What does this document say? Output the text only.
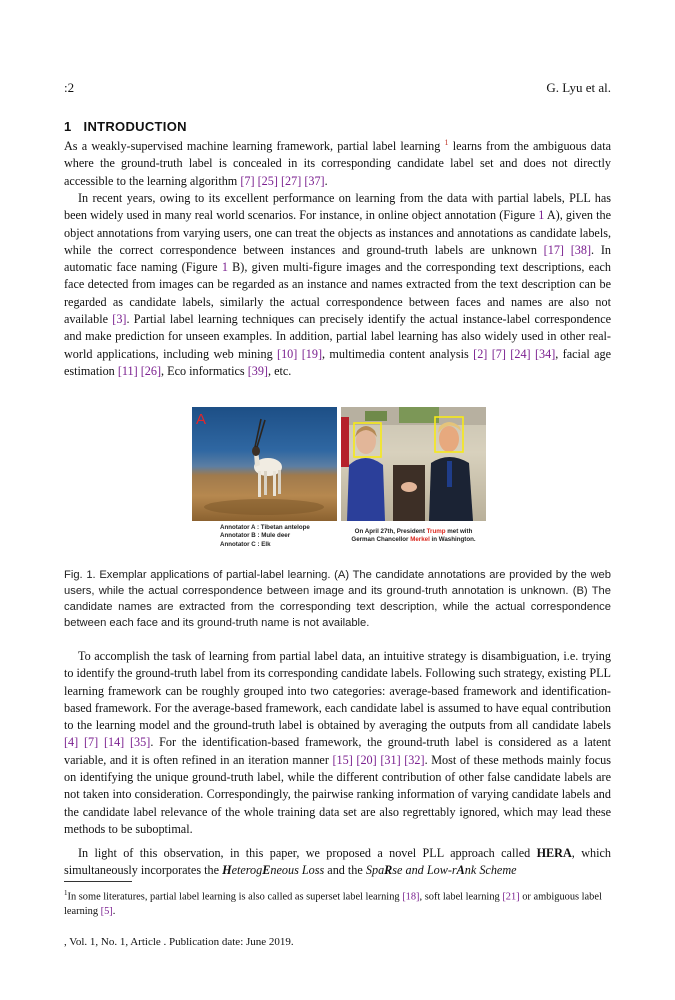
:2	G. Lyu et al.
1 INTRODUCTION

As a weakly-supervised machine learning framework, partial label learning $^1$ learns from the ambiguous data where the ground-truth label is concealed in its corresponding candidate label set and does not directly accessible to the learning algorithm [7] [25] [27] [37].

In recent years, owing to its excellent performance on learning from the data with partial labels, PLL has been widely used in many real world scenarios. For instance, in online object annotation (Figure 1 A), given the object annotations from varying users, one can treat the objects as instances and annotations as candidate labels, while the correct correspondence between instances and ground-truth labels are unknown [17] [38]. In automatic face naming (Figure 1 B), given multi-figure images and the corresponding text descriptions, each face detected from images can be regarded as an instance and names extracted from the text description can be regarded as candidate labels, similarly the actual correspondence between faces and names are also not available [3]. Partial label learning techniques can precisely identify the actual instance-label correspondence and make prediction for unseen examples. In addition, partial label learning has also widely used in other real-world applications, including web mining [10] [19], multimedia content analysis [2] [7] [24] [34], facial age estimation [11] [26], Eco informatics [39], etc.

A
Annotator A : Tibetan antelope
Annotator B : Mule deer
Annotator C : Elk
On April 27th, President Trump met with
German Chancellor Merkel in Washington.

Fig. 1. Exemplar applications of partial-label learning. (A) The candidate annotations are provided by the web users, while the actual correspondence between image and its ground-truth annotation is unknown. (B) The candidate names are extracted from the corresponding text description, while the actual correspondence between each face and its ground-truth name is not available.

To accomplish the task of learning from partial label data, an intuitive strategy is disambiguation, i.e. trying to identify the ground-truth label from its corresponding candidate labels. Following such strategy, existing PLL learning framework can be roughly grouped into two categories: average-based framework and identification-based framework. For the average-based framework, each candidate label is assumed to have equal contribution to the learning model and the ground-truth label is obtained by averaging the outputs from all candidate labels [4] [7] [14] [35]. For the identification-based framework, the ground-truth label is considered as a latent variable, and it is often refined in an iteration manner [15] [20] [31] [32]. Most of these methods mainly focus on identifying the unique ground-truth label, while the different contribution of other false candidate labels are not taken into consideration. Correspondingly, the pairwise ranking information of varying candidate labels and the candidate label relevance of the whole training data set are also regrettably ignored, which may lead these methods to be suboptimal.

In light of this observation, in this paper, we proposed a novel PLL approach called HERA, which simultaneously incorporates the HeterogEneous Loss and the SpaRse and Low-rAnk Scheme

$^1$In some literatures, partial label learning is also called as superset label learning [18], soft label learning [21] or ambiguous label learning [5].

, Vol. 1, No. 1, Article . Publication date: June 2019.
